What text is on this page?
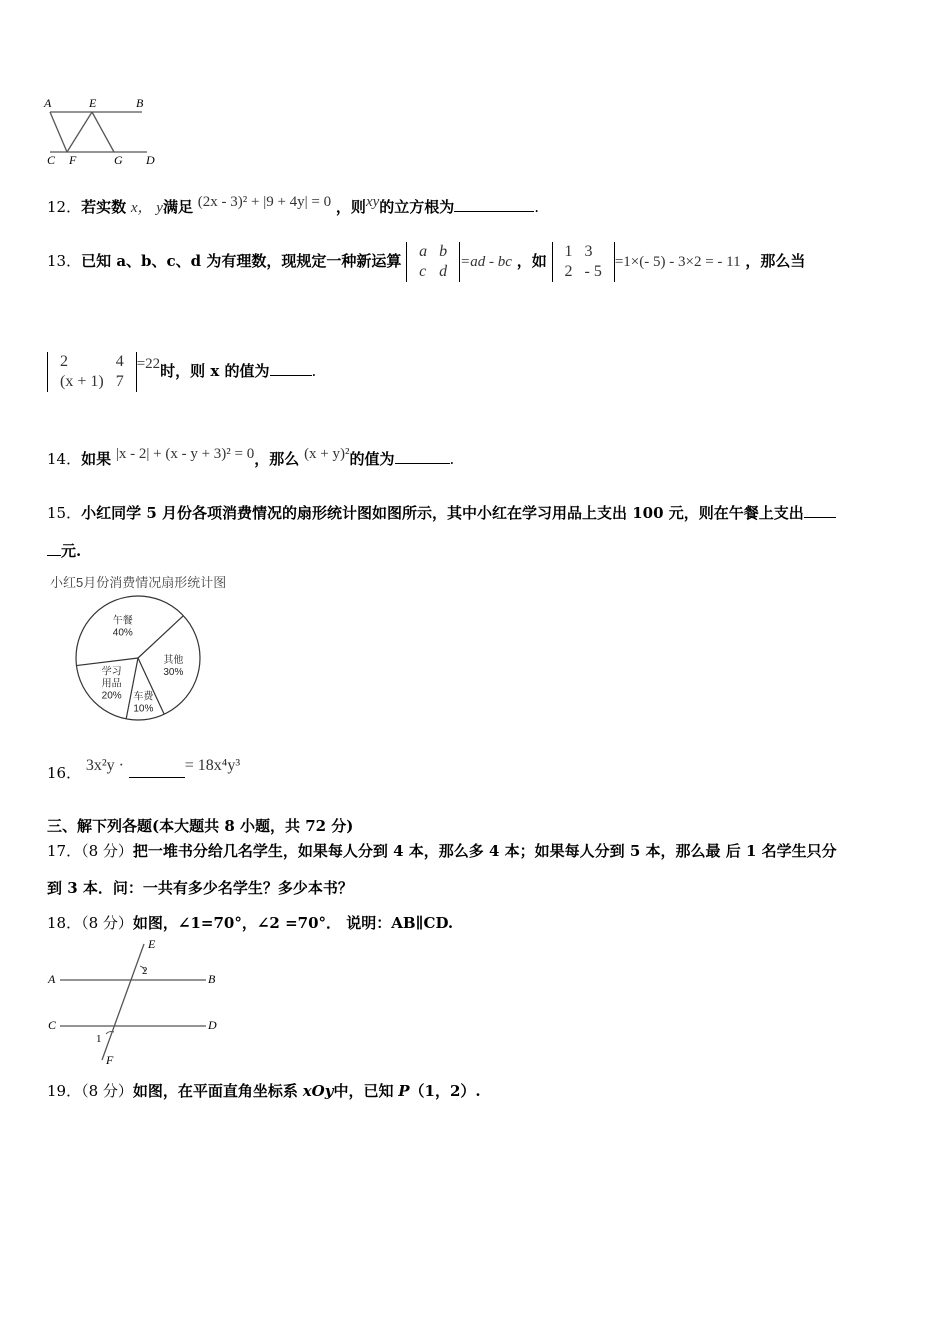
A	E	B
C F	G D
12．若实数 x， y满足 (2x - 3)² + |9 + 4y| = 0 ，则xy的立方根为	.
13．已知 a、b、c、d 为有理数，现规定一种新运算
a	b
c	d
=ad - bc ，如
1	3
2	- 5
=1×(- 5) - 3×2 = - 11 ，那么当
2	4
(x + 1)	7
=22时，则 x 的值为	.
14．如果 |x - 2| + (x - y + 3)² = 0，那么 (x + y)²的值为	.
15．小红同学 5 月份各项消费情况的扇形统计图如图所示，其中小红在学习用品上支出 100 元，则在午餐上支出
元.
小红5月份消费情况扇形统计图
午餐
40%
其他
30%
车费
10%
学习
用品
20%
16． 3x²y ·	= 18x⁴y³
三、解下列各题(本大题共 8 小题，共 72 分)
17．（8 分）把一堆书分给几名学生，如果每人分到 4 本，那么多 4 本；如果每人分到 5 本，那么最 后 1 名学生只分
到 3 本．问：一共有多少名学生？多少本书？
18．（8 分）如图，∠1=70°，∠2 =70°． 说明：AB∥CD.
E
2
A	B
C	D
1
F
19．（8 分）如图，在平面直角坐标系 xOy中，已知 P（1，2）.
